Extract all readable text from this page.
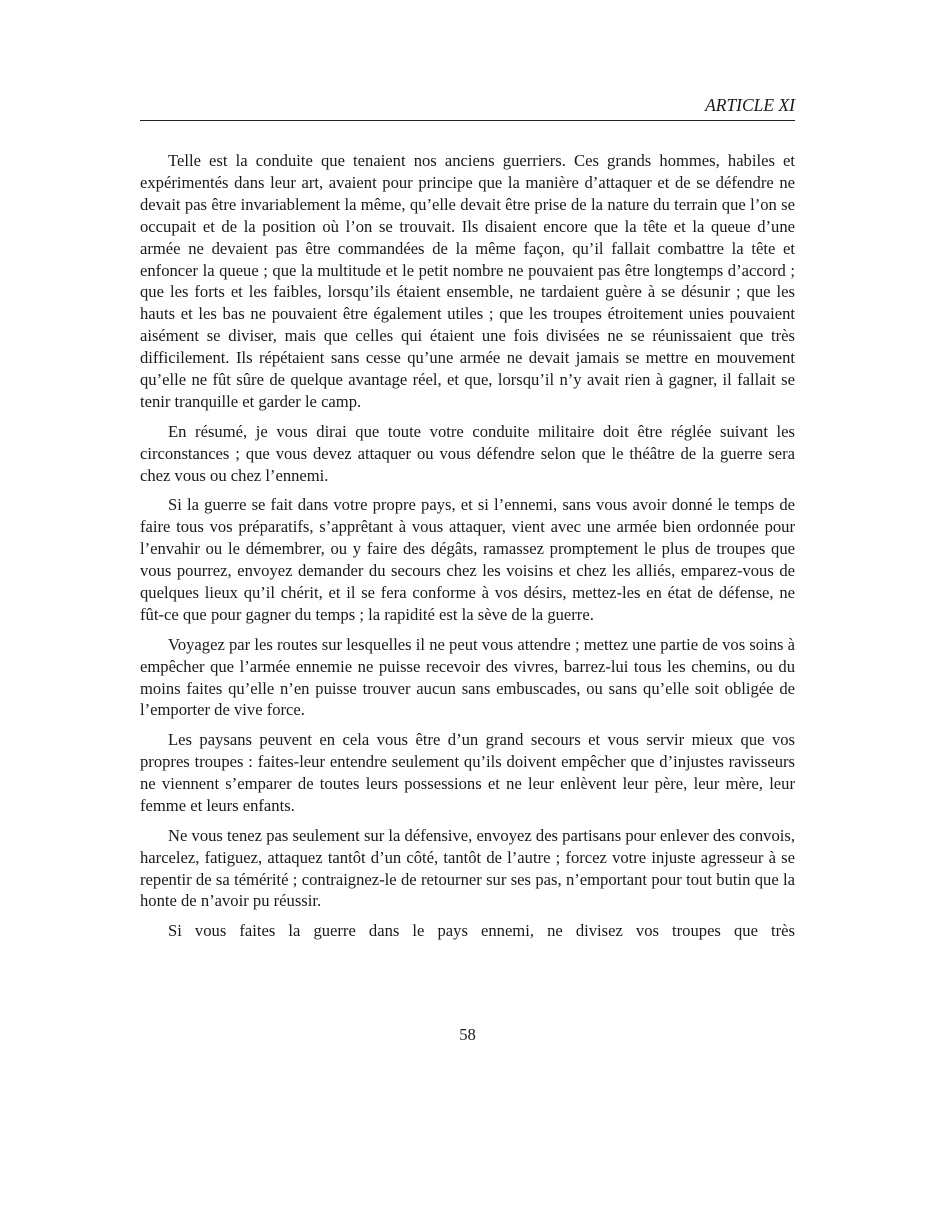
ARTICLE XI

Telle est la conduite que tenaient nos anciens guerriers. Ces grands hommes, habiles et expérimentés dans leur art, avaient pour principe que la manière d’attaquer et de se défendre ne devait pas être invariablement la même, qu’elle devait être prise de la nature du terrain que l’on se occupait et de la position où l’on se trouvait. Ils disaient encore que la tête et la queue d’une armée ne devaient pas être commandées de la même façon, qu’il fallait combattre la tête et enfoncer la queue ; que la multitude et le petit nombre ne pouvaient pas être longtemps d’accord ; que les forts et les faibles, lorsqu’ils étaient ensemble, ne tardaient guère à se désunir ; que les hauts et les bas ne pouvaient être également utiles ; que les troupes étroitement unies pouvaient aisément se diviser, mais que celles qui étaient une fois divisées ne se réunissaient que très difficilement. Ils répétaient sans cesse qu’une armée ne devait jamais se mettre en mouvement qu’elle ne fût sûre de quelque avantage réel, et que, lorsqu’il n’y avait rien à gagner, il fallait se tenir tranquille et garder le camp.

En résumé, je vous dirai que toute votre conduite militaire doit être réglée suivant les circonstances ; que vous devez attaquer ou vous défendre selon que le théâtre de la guerre sera chez vous ou chez l’ennemi.

Si la guerre se fait dans votre propre pays, et si l’ennemi, sans vous avoir donné le temps de faire tous vos préparatifs, s’apprêtant à vous attaquer, vient avec une armée bien ordonnée pour l’envahir ou le démembrer, ou y faire des dégâts, ramassez promptement le plus de troupes que vous pourrez, envoyez demander du secours chez les voisins et chez les alliés, emparez-vous de quelques lieux qu’il chérit, et il se fera conforme à vos désirs, mettez-les en état de défense, ne fût-ce que pour gagner du temps ; la rapidité est la sève de la guerre.

Voyagez par les routes sur lesquelles il ne peut vous attendre ; mettez une partie de vos soins à empêcher que l’armée ennemie ne puisse recevoir des vivres, barrez-lui tous les chemins, ou du moins faites qu’elle n’en puisse trouver aucun sans embuscades, ou sans qu’elle soit obligée de l’emporter de vive force.

Les paysans peuvent en cela vous être d’un grand secours et vous servir mieux que vos propres troupes : faites-leur entendre seulement qu’ils doivent empêcher que d’injustes ravisseurs ne viennent s’emparer de toutes leurs possessions et ne leur enlèvent leur père, leur mère, leur femme et leurs enfants.

Ne vous tenez pas seulement sur la défensive, envoyez des partisans pour enlever des convois, harcelez, fatiguez, attaquez tantôt d’un côté, tantôt de l’autre ; forcez votre injuste agresseur à se repentir de sa témérité ; contraignez-le de retourner sur ses pas, n’emportant pour tout butin que la honte de n’avoir pu réussir.

Si vous faites la guerre dans le pays ennemi, ne divisez vos troupes que très

58
